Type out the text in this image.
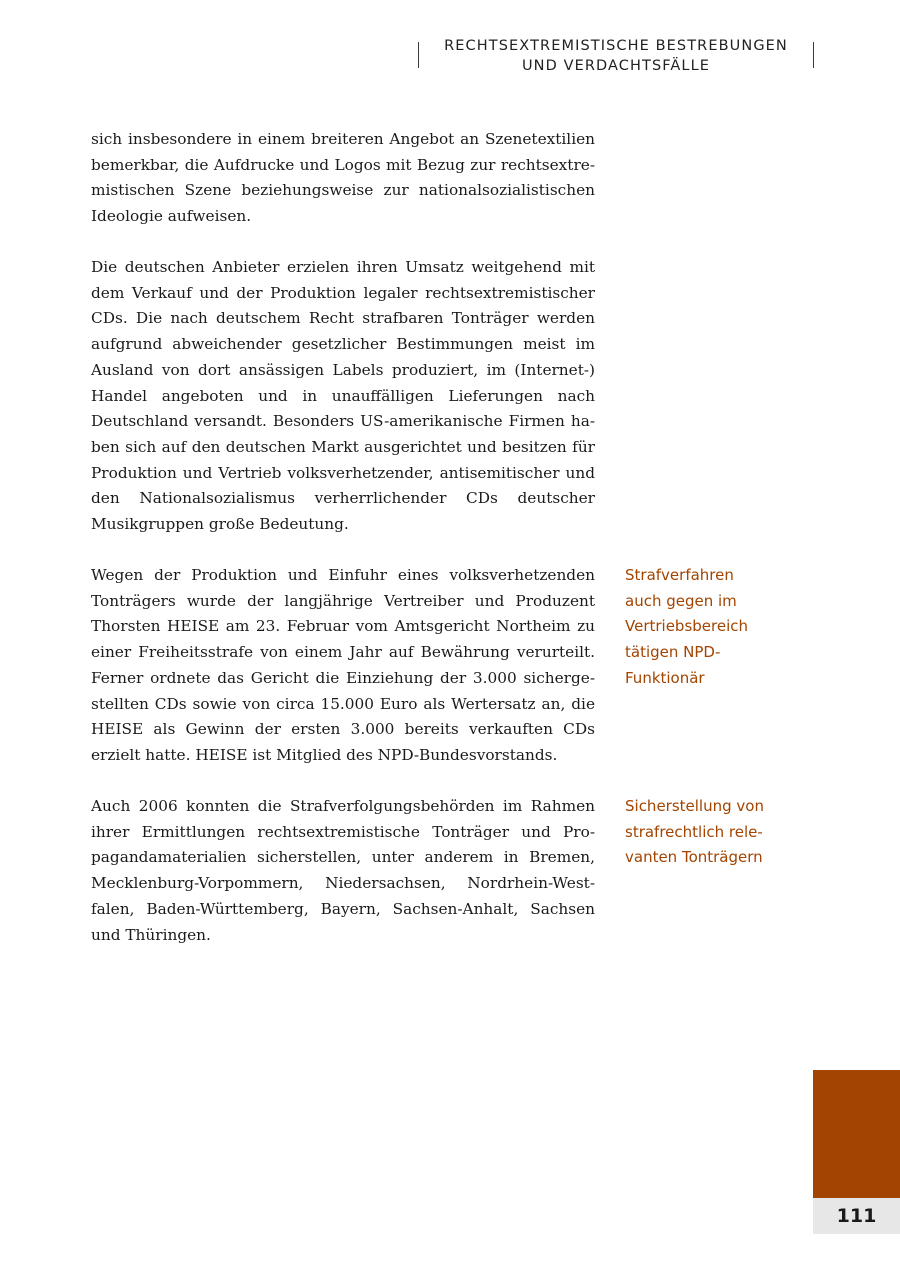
RECHTSEXTREMISTISCHE BESTREBUNGEN
UND VERDACHTSFÄLLE

sich insbesondere in einem breiteren Angebot an Szenetextilien bemerkbar, die Aufdrucke und Logos mit Bezug zur rechtsextremistischen Szene beziehungsweise zur nationalsozialistischen Ideologie aufweisen.

Die deutschen Anbieter erzielen ihren Umsatz weitgehend mit dem Verkauf und der Produktion legaler rechtsextremistischer CDs. Die nach deutschem Recht strafbaren Tonträger werden aufgrund abweichender gesetzlicher Bestimmungen meist im Ausland von dort ansässigen Labels produziert, im (Internet-) Handel angeboten und in unauffälligen Lieferungen nach Deutschland versandt. Besonders US-amerikanische Firmen haben sich auf den deutschen Markt ausgerichtet und besitzen für Produktion und Vertrieb volksverhetzender, antisemitischer und den Nationalsozialismus verherrlichender CDs deutscher Musikgruppen große Bedeutung.

Wegen der Produktion und Einfuhr eines volksverhetzenden Tonträgers wurde der langjährige Vertreiber und Produzent Thorsten HEISE am 23. Februar vom Amtsgericht Northeim zu einer Freiheitsstrafe von einem Jahr auf Bewährung verurteilt. Ferner ordnete das Gericht die Einziehung der 3.000 sichergestellten CDs sowie von circa 15.000 Euro als Wertersatz an, die HEISE als Gewinn der ersten 3.000 bereits verkauften CDs erzielt hatte. HEISE ist Mitglied des NPD-Bundesvorstands.

Strafverfahren
auch gegen im
Vertriebsbereich
tätigen NPD-
Funktionär

Auch 2006 konnten die Strafverfolgungsbehörden im Rahmen ihrer Ermittlungen rechtsextremistische Tonträger und Propagandamaterialien sicherstellen, unter anderem in Bremen, Mecklenburg-Vorpommern, Niedersachsen, Nordrhein-Westfalen, Baden-Württemberg, Bayern, Sachsen-Anhalt, Sachsen und Thüringen.

Sicherstellung von
strafrechtlich rele-
vanten Tonträgern
111
